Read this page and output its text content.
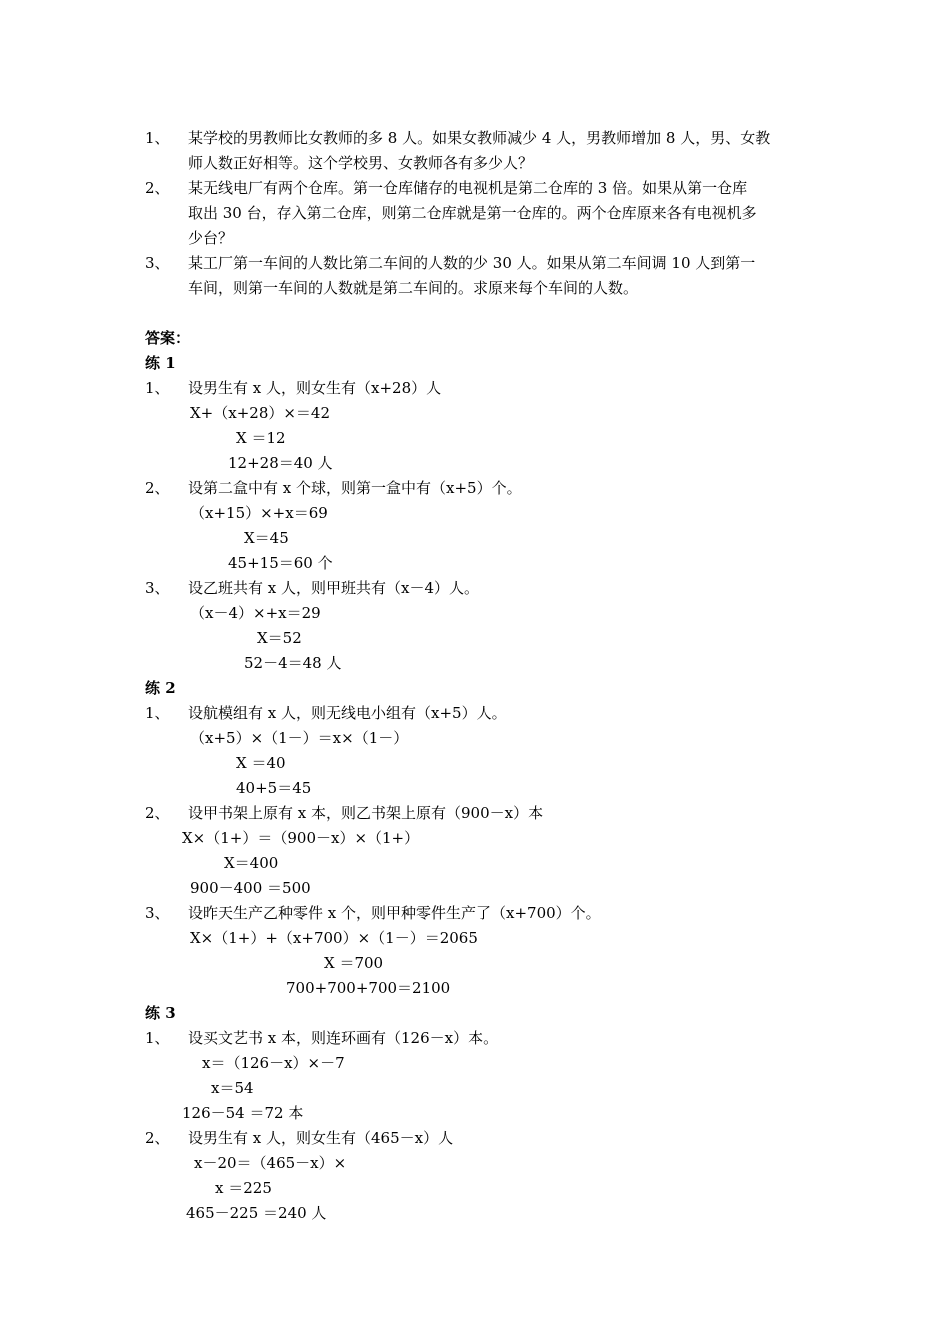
1、 某学校的男教师比女教师的多 8 人。如果女教师减少 4 人，男教师增加 8 人，男、女教
师人数正好相等。这个学校男、女教师各有多少人？
2、 某无线电厂有两个仓库。第一仓库储存的电视机是第二仓库的 3 倍。如果从第一仓库
取出 30 台，存入第二仓库，则第二仓库就是第一仓库的。两个仓库原来各有电视机多
少台？
3、 某工厂第一车间的人数比第二车间的人数的少 30 人。如果从第二车间调 10 人到第一
车间，则第一车间的人数就是第二车间的。求原来每个车间的人数。
答案：
练 1
1、 设男生有 x 人，则女生有（x+28）人
X+（x+28）×＝42
X ＝12
12+28＝40 人
2、 设第二盒中有 x 个球，则第一盒中有（x+5）个。
（x+15）×+x＝69
X＝45
45+15＝60 个
3、 设乙班共有 x 人，则甲班共有（x－4）人。
（x－4）×+x＝29
X＝52
52－4＝48 人
练 2
1、 设航模组有 x 人，则无线电小组有（x+5）人。
（x+5）×（1－）＝x×（1－）
X ＝40
40+5＝45
2、 设甲书架上原有 x 本，则乙书架上原有（900－x）本
X×（1+）＝（900－x）×（1+）
X＝400
900－400 ＝500
3、 设昨天生产乙种零件 x 个，则甲种零件生产了（x+700）个。
X×（1+）+（x+700）×（1－）＝2065
X ＝700
700+700+700＝2100
练 3
1、 设买文艺书 x 本，则连环画有（126－x）本。
x＝（126－x）×－7
x＝54
126－54 ＝72 本
2、 设男生有 x 人，则女生有（465－x）人
x－20＝（465－x）×
x ＝225
465－225 ＝240 人
